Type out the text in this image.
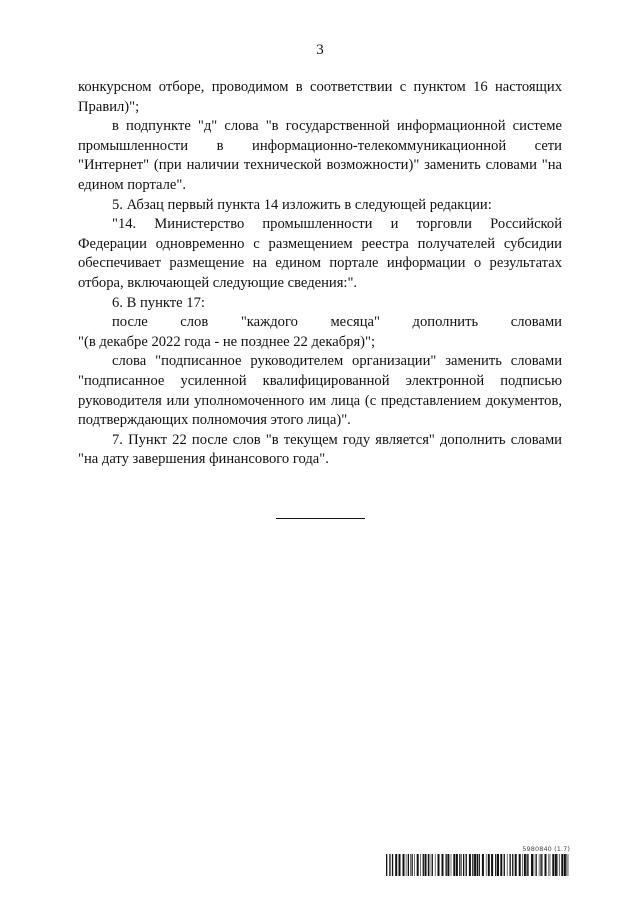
3

конкурсном отборе, проводимом в соответствии с пунктом 16 настоящих Правил)";

в подпункте "д" слова "в государственной информационной системе промышленности в информационно-телекоммуникационной сети "Интернет" (при наличии технической возможности)" заменить словами "на едином портале".

5. Абзац первый пункта 14 изложить в следующей редакции:

"14. Министерство промышленности и торговли Российской Федерации одновременно с размещением реестра получателей субсидии обеспечивает размещение на едином портале информации о результатах отбора, включающей следующие сведения:".

6. В пункте 17:

после слов "каждого месяца" дополнить словами

"(в декабре 2022 года - не позднее 22 декабря)";

слова "подписанное руководителем организации" заменить словами "подписанное усиленной квалифицированной электронной подписью руководителя или уполномоченного им лица (с представлением документов, подтверждающих полномочия этого лица)".

7. Пункт 22 после слов "в текущем году является" дополнить словами "на дату завершения финансового года".

5980840 (1.7)
